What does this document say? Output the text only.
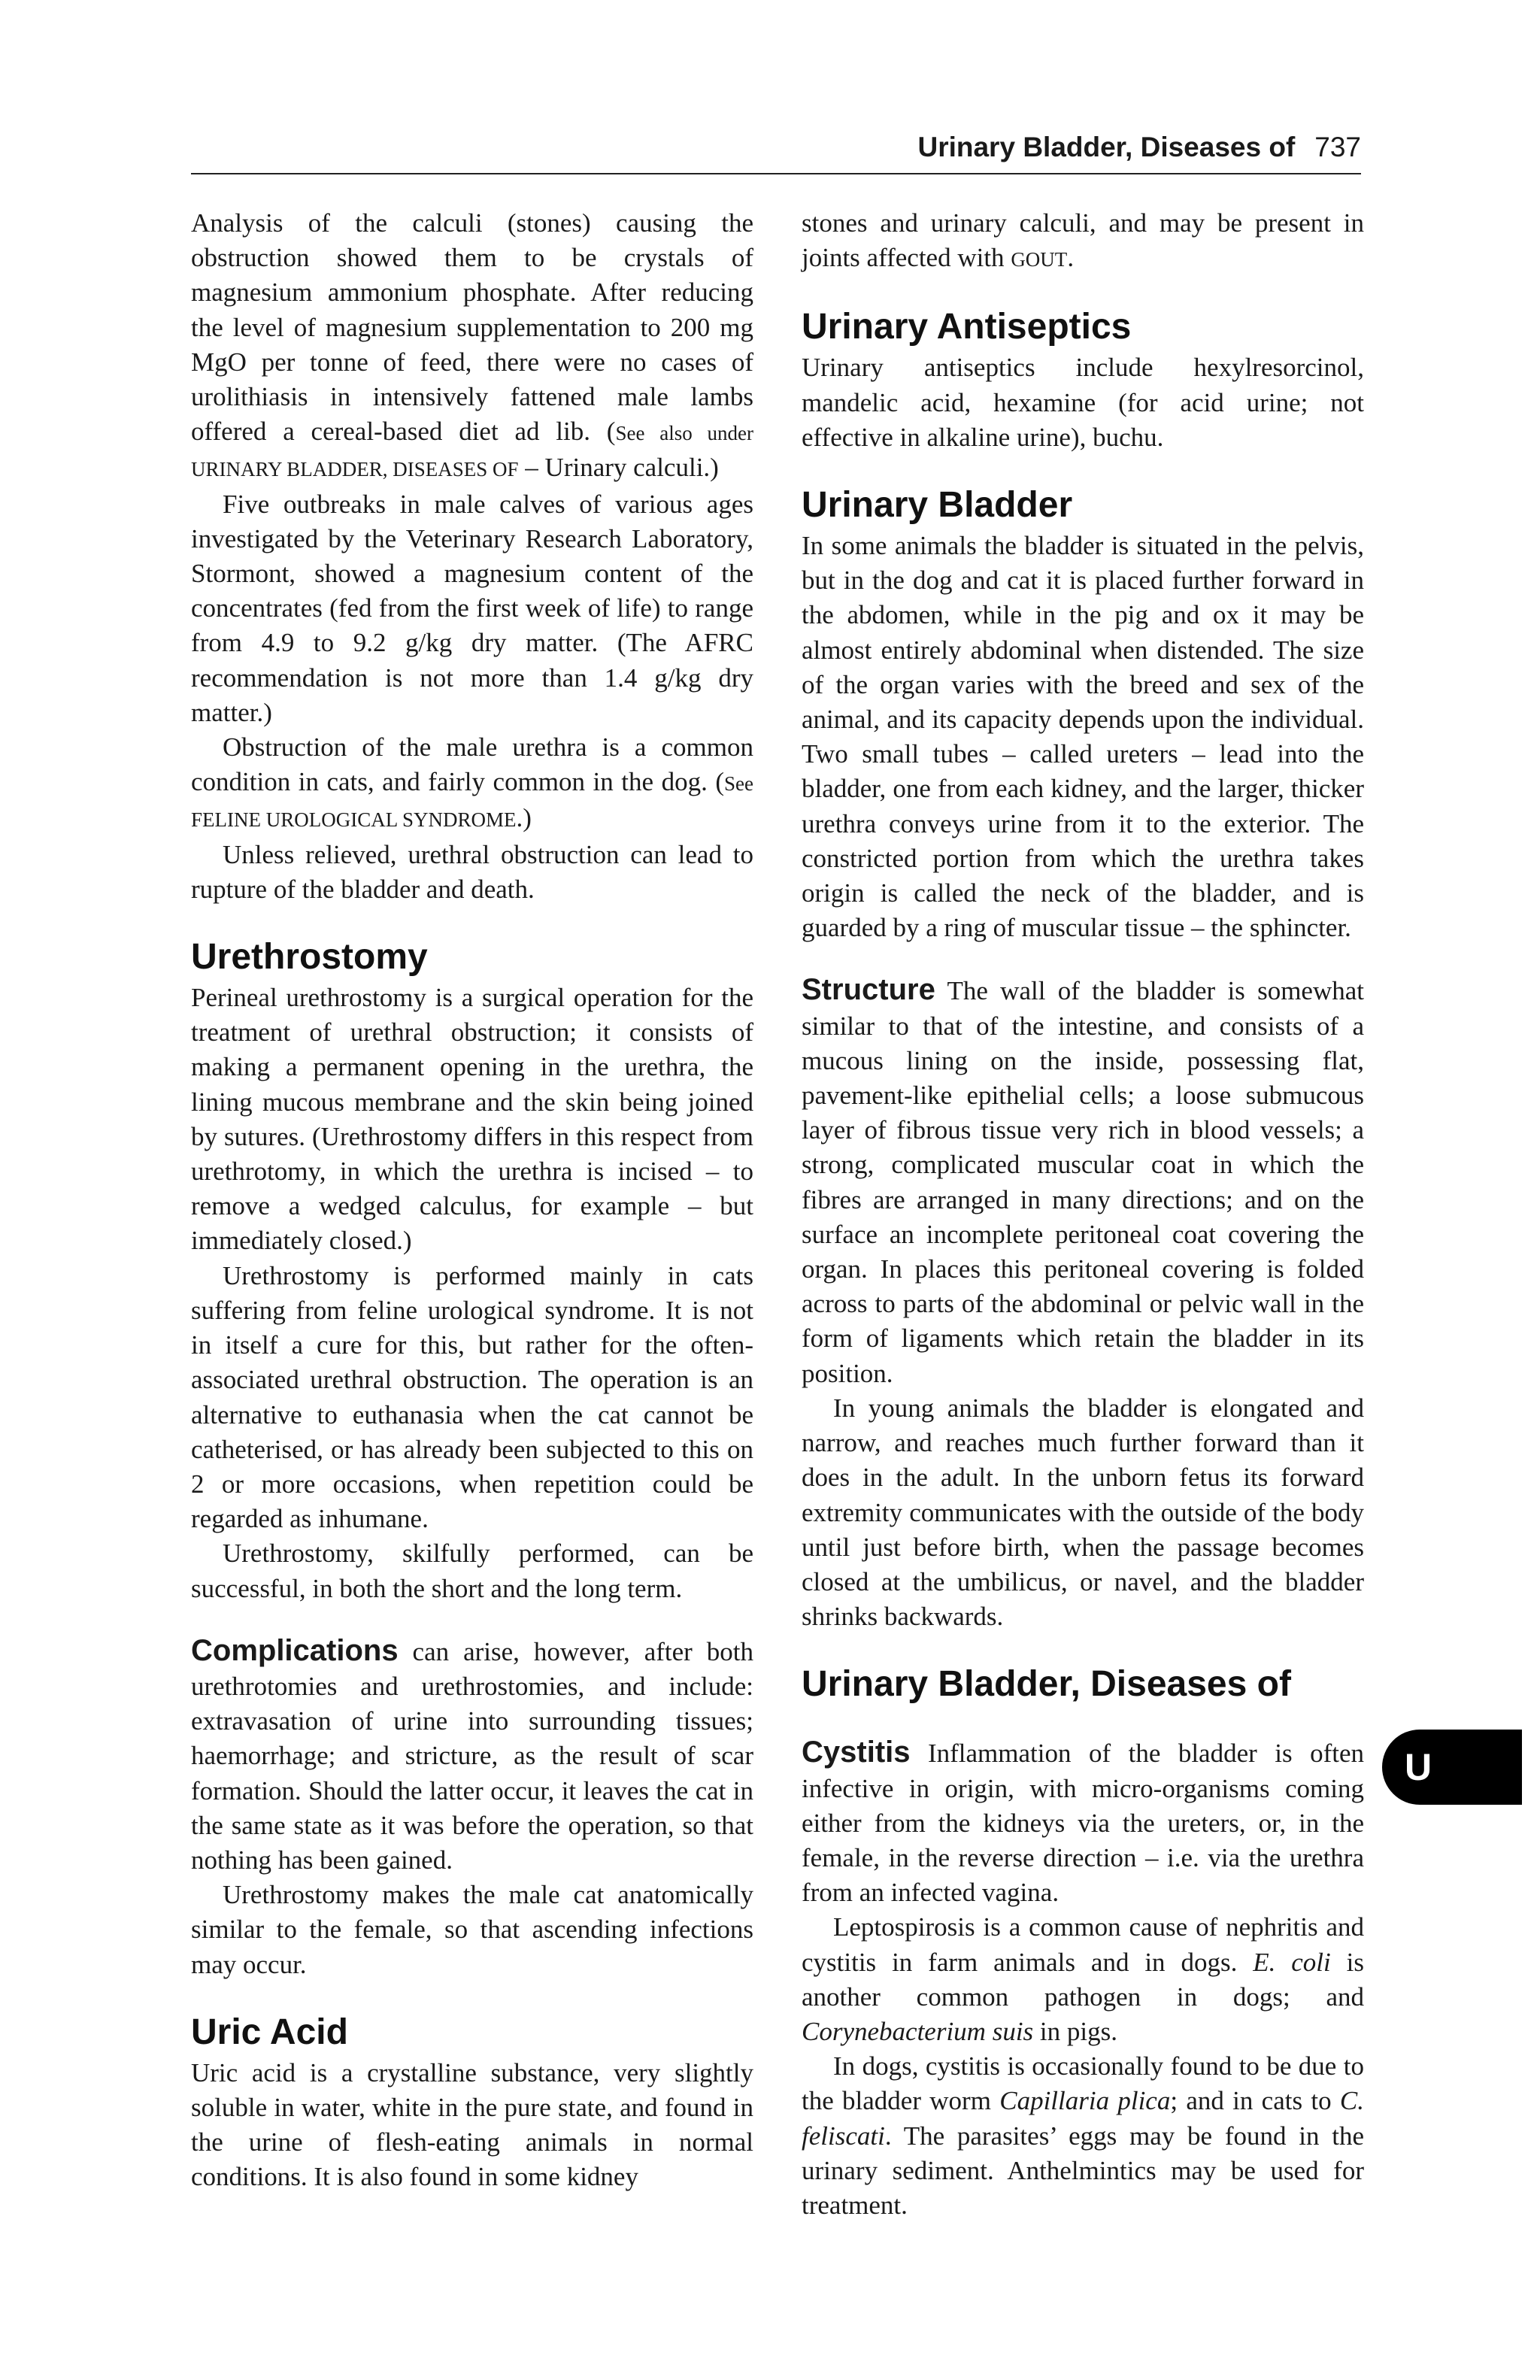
Urinary Bladder, Diseases of 737

Analysis of the calculi (stones) causing the obstruction showed them to be crystals of magnesium ammonium phosphate. After reducing the level of magnesium supplementation to 200 mg MgO per tonne of feed, there were no cases of urolithiasis in intensively fattened male lambs offered a cereal-based diet ad lib. (See also under URINARY BLADDER, DISEASES OF – Urinary calculi.)

Five outbreaks in male calves of various ages investigated by the Veterinary Research Laboratory, Stormont, showed a magnesium content of the concentrates (fed from the first week of life) to range from 4.9 to 9.2 g/kg dry matter. (The AFRC recommendation is not more than 1.4 g/kg dry matter.)

Obstruction of the male urethra is a common condition in cats, and fairly common in the dog. (See FELINE UROLOGICAL SYNDROME.)

Unless relieved, urethral obstruction can lead to rupture of the bladder and death.

Urethrostomy

Perineal urethrostomy is a surgical operation for the treatment of urethral obstruction; it consists of making a permanent opening in the urethra, the lining mucous membrane and the skin being joined by sutures. (Urethrostomy differs in this respect from urethrotomy, in which the urethra is incised – to remove a wedged calculus, for example – but immediately closed.)

Urethrostomy is performed mainly in cats suffering from feline urological syndrome. It is not in itself a cure for this, but rather for the often-associated urethral obstruction. The operation is an alternative to euthanasia when the cat cannot be catheterised, or has already been subjected to this on 2 or more occasions, when repetition could be regarded as inhumane.

Urethrostomy, skilfully performed, can be successful, in both the short and the long term.

Complications can arise, however, after both urethrotomies and urethrostomies, and include: extravasation of urine into surrounding tissues; haemorrhage; and stricture, as the result of scar formation. Should the latter occur, it leaves the cat in the same state as it was before the operation, so that nothing has been gained.

Urethrostomy makes the male cat anatomically similar to the female, so that ascending infections may occur.

Uric Acid

Uric acid is a crystalline substance, very slightly soluble in water, white in the pure state, and found in the urine of flesh-eating animals in normal conditions. It is also found in some kidney

stones and urinary calculi, and may be present in joints affected with GOUT.

Urinary Antiseptics

Urinary antiseptics include hexylresorcinol, mandelic acid, hexamine (for acid urine; not effective in alkaline urine), buchu.

Urinary Bladder

In some animals the bladder is situated in the pelvis, but in the dog and cat it is placed further forward in the abdomen, while in the pig and ox it may be almost entirely abdominal when distended. The size of the organ varies with the breed and sex of the animal, and its capacity depends upon the individual. Two small tubes – called ureters – lead into the bladder, one from each kidney, and the larger, thicker urethra conveys urine from it to the exterior. The constricted portion from which the urethra takes origin is called the neck of the bladder, and is guarded by a ring of muscular tissue – the sphincter.

Structure The wall of the bladder is somewhat similar to that of the intestine, and consists of a mucous lining on the inside, possessing flat, pavement-like epithelial cells; a loose submucous layer of fibrous tissue very rich in blood vessels; a strong, complicated muscular coat in which the fibres are arranged in many directions; and on the surface an incomplete peritoneal coat covering the organ. In places this peritoneal covering is folded across to parts of the abdominal or pelvic wall in the form of ligaments which retain the bladder in its position.

In young animals the bladder is elongated and narrow, and reaches much further forward than it does in the adult. In the unborn fetus its forward extremity communicates with the outside of the body until just before birth, when the passage becomes closed at the umbilicus, or navel, and the bladder shrinks backwards.

Urinary Bladder, Diseases of

Cystitis Inflammation of the bladder is often infective in origin, with micro-organisms coming either from the kidneys via the ureters, or, in the female, in the reverse direction – i.e. via the urethra from an infected vagina.

Leptospirosis is a common cause of nephritis and cystitis in farm animals and in dogs. E. coli is another common pathogen in dogs; and Corynebacterium suis in pigs.

In dogs, cystitis is occasionally found to be due to the bladder worm Capillaria plica; and in cats to C. feliscati. The parasites’ eggs may be found in the urinary sediment. Anthelmintics may be used for treatment.

U
